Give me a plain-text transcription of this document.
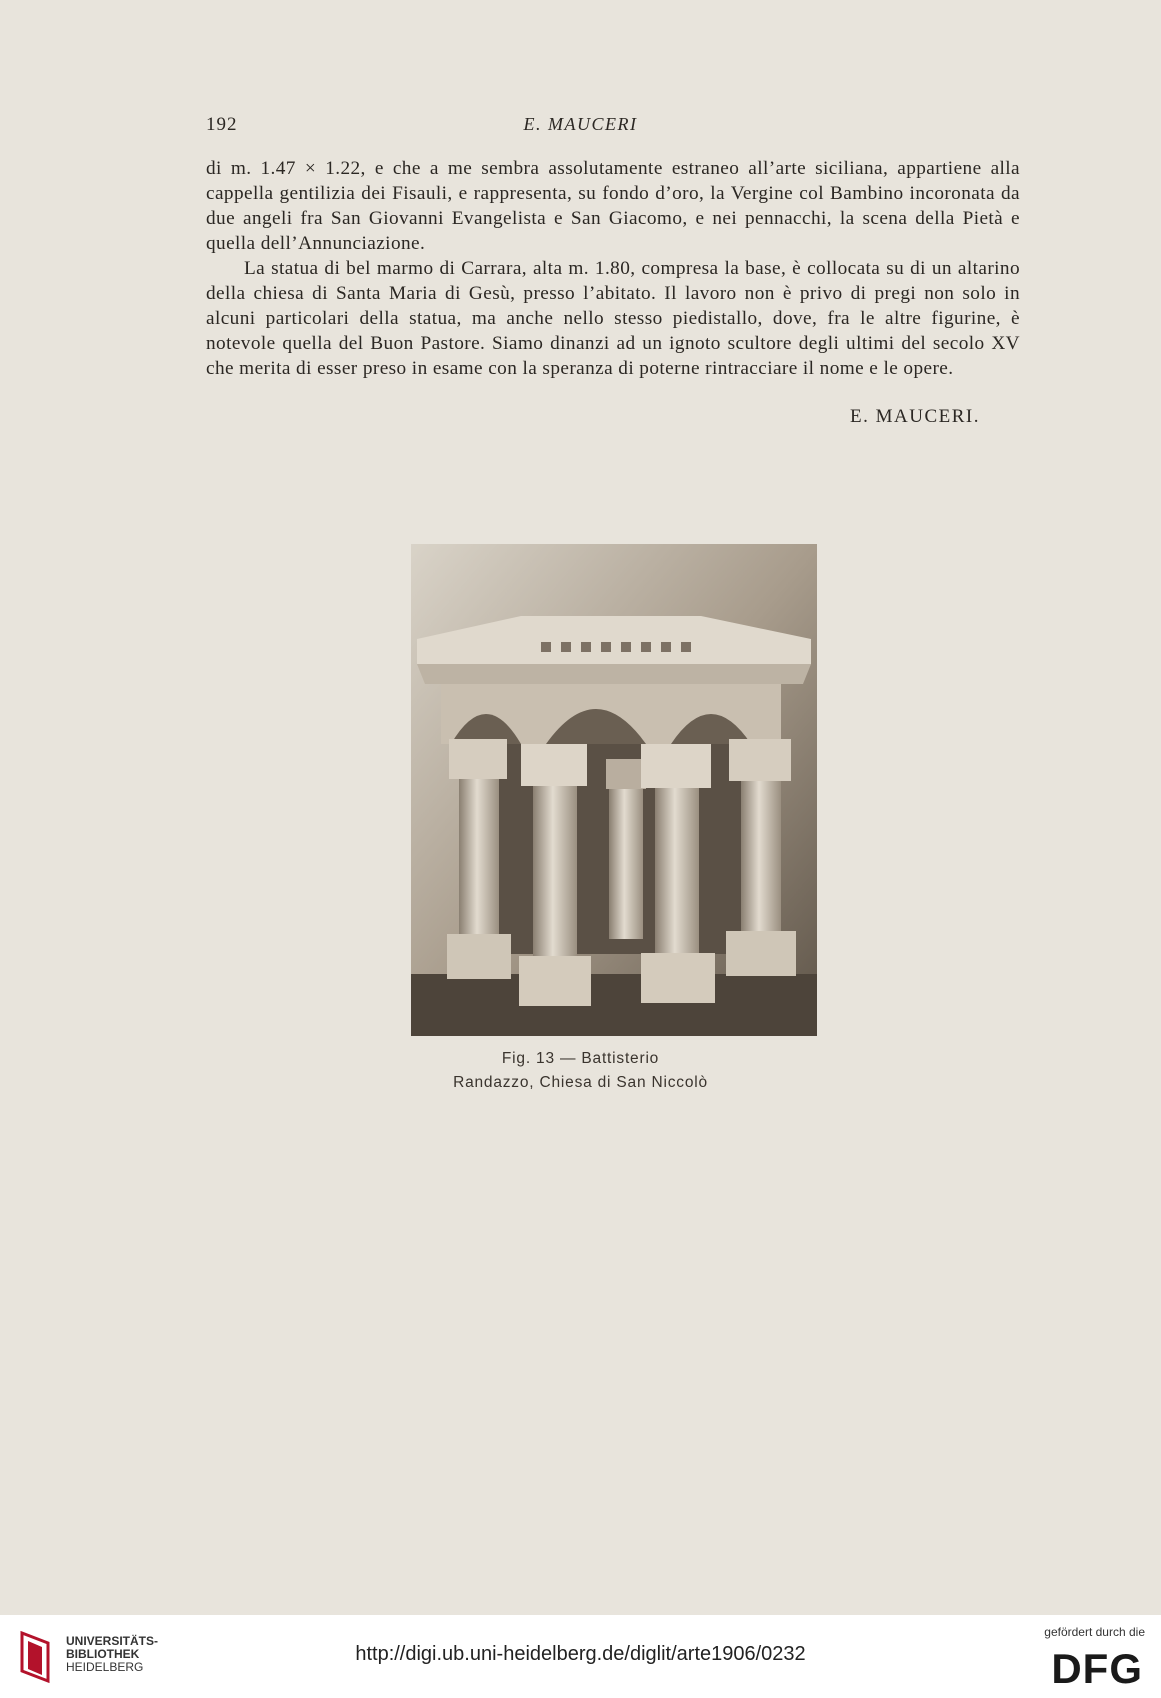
192	E. MAUCERI

di m. 1.47 × 1.22, e che a me sembra assolutamente estraneo all’arte siciliana, appartiene alla cappella gentilizia dei Fisauli, e rappresenta, su fondo d’oro, la Vergine col Bambino incoronata da due angeli fra San Giovanni Evangelista e San Giacomo, e nei pennacchi, la scena della Pietà e quella dell’Annunciazione.

La statua di bel marmo di Carrara, alta m. 1.80, compresa la base, è collocata su di un altarino della chiesa di Santa Maria di Gesù, presso l’abitato. Il lavoro non è privo di pregi non solo in alcuni particolari della statua, ma anche nello stesso piedistallo, dove, fra le altre figurine, è notevole quella del Buon Pastore. Siamo dinanzi ad un ignoto scultore degli ultimi del secolo XV che merita di esser preso in esame con la speranza di poterne rintracciare il nome e le opere.

E. MAUCERI.
Fig. 13 — Battisterio
Randazzo, Chiesa di San Niccolò
UNIVERSITÄTS-
BIBLIOTHEK
HEIDELBERG
http://digi.ub.uni-heidelberg.de/diglit/arte1906/0232
gefördert durch die
DFG
